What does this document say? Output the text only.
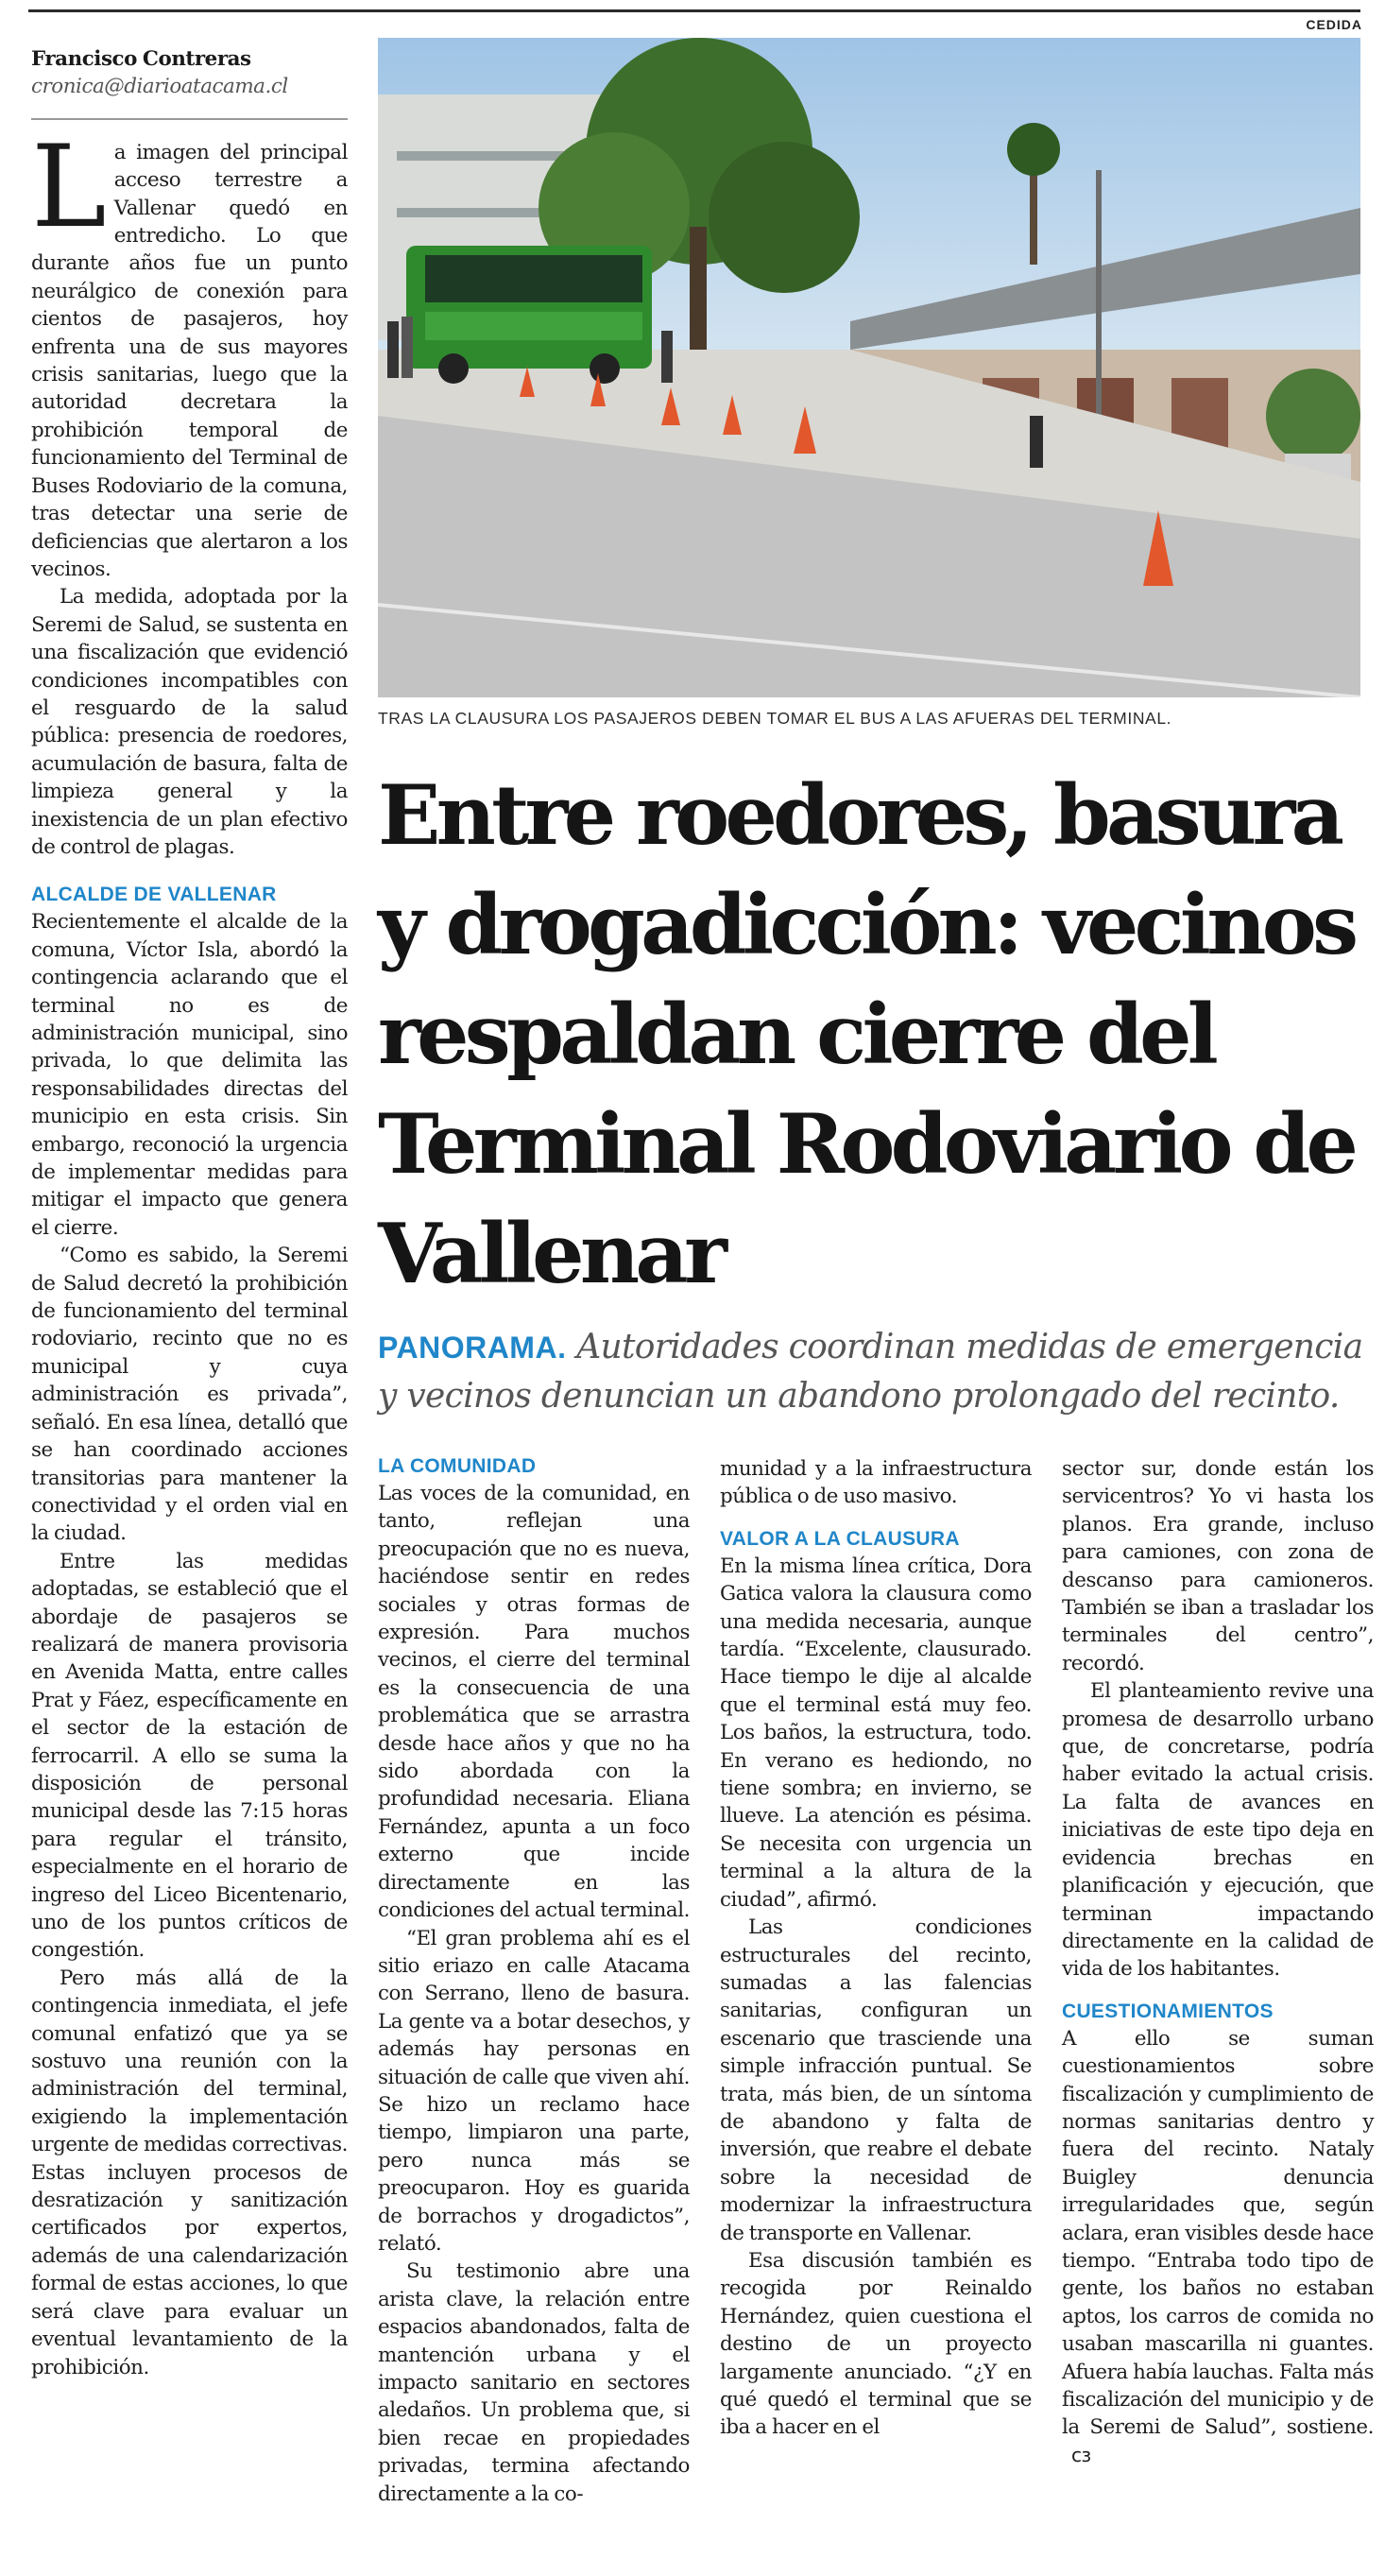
CEDIDA

Francisco Contreras

cronica@diarioatacama.cl

L a imagen del principal acceso terrestre a Vallenar quedó en entredicho. Lo que durante años fue un punto neurálgico de conexión para cientos de pasajeros, hoy enfrenta una de sus mayores crisis sanitarias, luego que la autoridad decretara la prohibición temporal de funcionamiento del Terminal de Buses Rodoviario de la comuna, tras detectar una serie de deficiencias que alertaron a los vecinos.

La medida, adoptada por la Seremi de Salud, se sustenta en una fiscalización que evidenció condiciones incompatibles con el resguardo de la salud pública: presencia de roedores, acumulación de basura, falta de limpieza general y la inexistencia de un plan efectivo de control de plagas.

ALCALDE DE VALLENAR

Recientemente el alcalde de la comuna, Víctor Isla, abordó la contingencia aclarando que el terminal no es de administración municipal, sino privada, lo que delimita las responsabilidades directas del municipio en esta crisis. Sin embargo, reconoció la urgencia de implementar medidas para mitigar el impacto que genera el cierre.

“Como es sabido, la Seremi de Salud decretó la prohibición de funcionamiento del terminal rodoviario, recinto que no es municipal y cuya administración es privada”, señaló. En esa línea, detalló que se han coordinado acciones transitorias para mantener la conectividad y el orden vial en la ciudad.

Entre las medidas adoptadas, se estableció que el abordaje de pasajeros se realizará de manera provisoria en Avenida Matta, entre calles Prat y Fáez, específicamente en el sector de la estación de ferrocarril. A ello se suma la disposición de personal municipal desde las 7:15 horas para regular el tránsito, especialmente en el horario de ingreso del Liceo Bicentenario, uno de los puntos críticos de congestión.

Pero más allá de la contingencia inmediata, el jefe comunal enfatizó que ya se sostuvo una reunión con la administración del terminal, exigiendo la implementación urgente de medidas correctivas. Estas incluyen procesos de desratización y sanitización certificados por expertos, además de una calendarización formal de estas acciones, lo que será clave para evaluar un eventual levantamiento de la prohibición.

TRAS LA CLAUSURA LOS PASAJEROS DEBEN TOMAR EL BUS A LAS AFUERAS DEL TERMINAL.
Entre roedores, basura y drogadicción: vecinos respaldan cierre del Terminal Rodoviario de Vallenar
PANORAMA. Autoridades coordinan medidas de emergencia y vecinos denuncian un abandono prolongado del recinto.
LA COMUNIDAD

Las voces de la comunidad, en tanto, reflejan una preocupación que no es nueva, haciéndose sentir en redes sociales y otras formas de expresión. Para muchos vecinos, el cierre del terminal es la consecuencia de una problemática que se arrastra desde hace años y que no ha sido abordada con la profundidad necesaria. Eliana Fernández, apunta a un foco externo que incide directamente en las condiciones del actual terminal.

“El gran problema ahí es el sitio eriazo en calle Atacama con Serrano, lleno de basura. La gente va a botar desechos, y además hay personas en situación de calle que viven ahí. Se hizo un reclamo hace tiempo, limpiaron una parte, pero nunca más se preocuparon. Hoy es guarida de borrachos y drogadictos”, relató.

Su testimonio abre una arista clave, la relación entre espacios abandonados, falta de mantención urbana y el impacto sanitario en sectores aledaños. Un problema que, si bien recae en propiedades privadas, termina afectando directamente a la co-

munidad y a la infraestructura pública o de uso masivo.

VALOR A LA CLAUSURA

En la misma línea crítica, Dora Gatica valora la clausura como una medida necesaria, aunque tardía. “Excelente, clausurado. Hace tiempo le dije al alcalde que el terminal está muy feo. Los baños, la estructura, todo. En verano es hediondo, no tiene sombra; en invierno, se llueve. La atención es pésima. Se necesita con urgencia un terminal a la altura de la ciudad”, afirmó.

Las condiciones estructurales del recinto, sumadas a las falencias sanitarias, configuran un escenario que trasciende una simple infracción puntual. Se trata, más bien, de un síntoma de abandono y falta de inversión, que reabre el debate sobre la necesidad de modernizar la infraestructura de transporte en Vallenar.

Esa discusión también es recogida por Reinaldo Hernández, quien cuestiona el destino de un proyecto largamente anunciado. “¿Y en qué quedó el terminal que se iba a hacer en el

sector sur, donde están los servicentros? Yo vi hasta los planos. Era grande, incluso para camiones, con zona de descanso para camioneros. También se iban a trasladar los terminales del centro”, recordó.

El planteamiento revive una promesa de desarrollo urbano que, de concretarse, podría haber evitado la actual crisis. La falta de avances en iniciativas de este tipo deja en evidencia brechas en planificación y ejecución, que terminan impactando directamente en la calidad de vida de los habitantes.

CUESTIONAMIENTOS

A ello se suman cuestionamientos sobre fiscalización y cumplimiento de normas sanitarias dentro y fuera del recinto. Nataly Buigley denuncia irregularidades que, según aclara, eran visibles desde hace tiempo. “Entraba todo tipo de gente, los baños no estaban aptos, los carros de comida no usaban mascarilla ni guantes. Afuera había lauchas. Falta más fiscalización del municipio y de la Seremi de Salud”, sostiene.cɜ
